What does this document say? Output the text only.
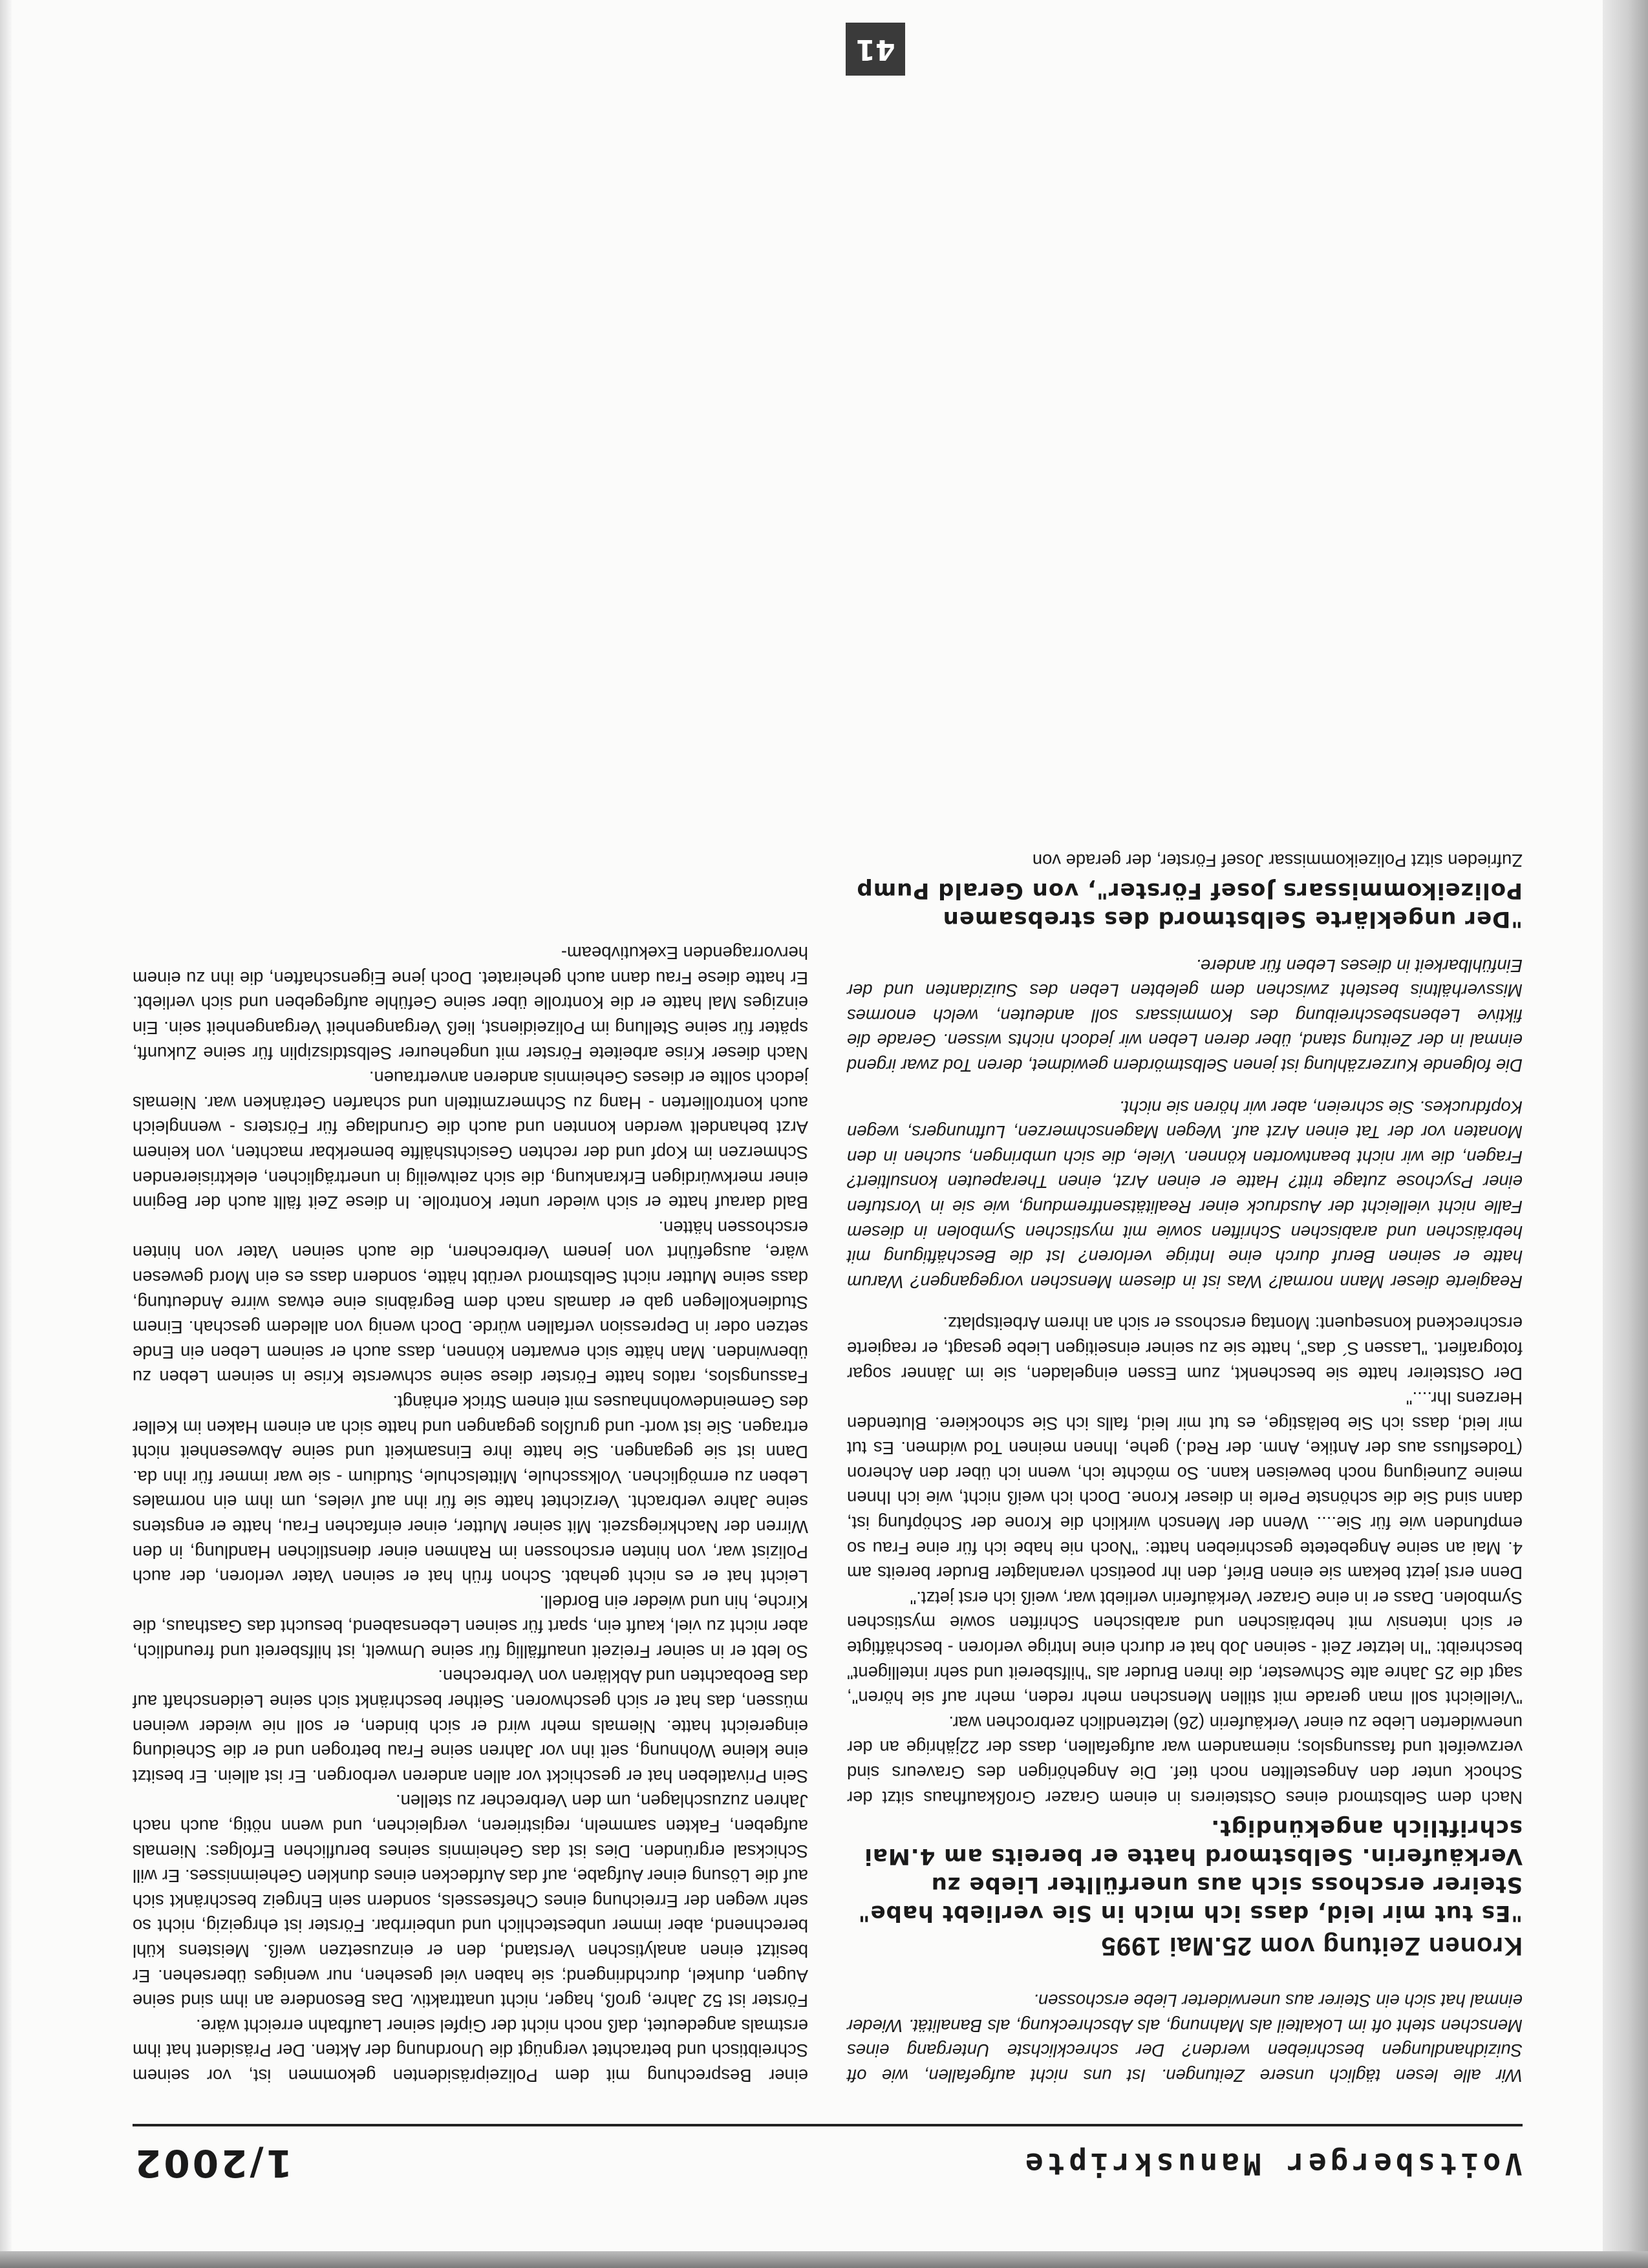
Voitsberger Manuskripte
1/2002

Wir alle lesen täglich unsere Zeitungen. Ist uns nicht aufgefallen, wie oft Suizidhandlungen beschrieben werden? Der schrecklichste Untergang eines Menschen steht oft im Lokalteil als Mahnung, als Abschreckung, als Banalität. Wieder einmal hat sich ein Steirer aus unerwiderter Liebe erschossen.

Kronen Zeitung vom 25.Mai 1995

"Es tut mir leid, dass ich mich in Sie verliebt habe" Steirer erschoss sich aus unerfüllter Liebe zu Verkäuferin. Selbstmord hatte er bereits am 4.Mai schriftlich angekündigt.

Nach dem Selbstmord eines Oststeirers in einem Grazer Großkaufhaus sitzt der Schock unter den Angestellten noch tief. Die Angehörigen des Graveurs sind verzweifelt und fassungslos; niemandem war aufgefallen, dass der 22jährige an der unerwiderten Liebe zu einer Verkäuferin (26) letztendlich zerbrochen war.

"Vielleicht soll man gerade mit stillen Menschen mehr reden, mehr auf sie hören", sagt die 25 Jahre alte Schwester, die ihren Bruder als "hilfsbereit und sehr intelligent" beschreibt: "In letzter Zeit - seinen Job hat er durch eine Intrige verloren - beschäftigte er sich intensiv mit hebräischen und arabischen Schriften sowie mystischen Symbolen. Dass er in eine Grazer Verkäuferin verliebt war, weiß ich erst jetzt."

Denn erst jetzt bekam sie einen Brief, den ihr poetisch veranlagter Bruder bereits am 4. Mai an seine Angebetete geschrieben hatte: "Noch nie habe ich für eine Frau so empfunden wie für Sie.... Wenn der Mensch wirklich die Krone der Schöpfung ist, dann sind Sie die schönste Perle in dieser Krone. Doch ich weiß nicht, wie ich Ihnen meine Zuneigung noch beweisen kann. So möchte ich, wenn ich über den Acheron (Todesfluss aus der Antike, Anm. der Red.) gehe, Ihnen meinen Tod widmen. Es tut mir leid, dass ich Sie belästige, es tut mir leid, falls ich Sie schockiere. Blutenden Herzens Ihr...."

Der Oststeirer hatte sie beschenkt, zum Essen eingeladen, sie im Jänner sogar fotografiert. "Lassen S´ das", hatte sie zu seiner einseitigen Liebe gesagt, er reagierte erschreckend konsequent: Montag erschoss er sich an ihrem Arbeitsplatz.

Reagierte dieser Mann normal? Was ist in diesem Menschen vorgegangen? Warum hatte er seinen Beruf durch eine Intrige verloren? Ist die Beschäftigung mit hebräischen und arabischen Schriften sowie mit mystischen Symbolen in diesem Falle nicht vielleicht der Ausdruck einer Realitätsentfremdung, wie sie in Vorstufen einer Psychose zutage tritt? Hatte er einen Arzt, einen Therapeuten konsultiert? Fragen, die wir nicht beantworten können. Viele, die sich umbringen, suchen in den Monaten vor der Tat einen Arzt auf. Wegen Magenschmerzen, Luftnungers, wegen Kopfdruckes. Sie schreien, aber wir hören sie nicht.

Die folgende Kurzerzählung ist jenen Selbstmördern gewidmet, deren Tod zwar irgend einmal in der Zeitung stand, über deren Leben wir jedoch nichts wissen. Gerade die fiktive Lebensbeschreibung des Kommissars soll andeuten, welch enormes Missverhältnis besteht zwischen dem gelebten Leben des Suizidanten und der Einfühlbarkeit in dieses Leben für andere.

"Der ungeklärte Selbstmord des strebsamen Polizeikommissars Josef Förster", von Gerald Pump

Zufrieden sitzt Polizeikommissar Josef Förster, der gerade von

einer Besprechung mit dem Polizeipräsidenten gekommen ist, vor seinem Schreibtisch und betrachtet vergnügt die Unordnung der Akten. Der Präsident hat ihm erstmals angedeutet, daß noch nicht der Gipfel seiner Laufbahn erreicht wäre.

Förster ist 52 Jahre, groß, hager, nicht unattraktiv. Das Besondere an ihm sind seine Augen, dunkel, durchdringend; sie haben viel gesehen, nur weniges übersehen. Er besitzt einen analytischen Verstand, den er einzusetzen weiß. Meistens kühl berechnend, aber immer unbestechlich und unbeirrbar. Förster ist ehrgeizig, nicht so sehr wegen der Erreichung eines Chefsessels, sondern sein Ehrgeiz beschränkt sich auf die Lösung einer Aufgabe, auf das Aufdecken eines dunklen Geheimnisses. Er will Schicksal ergründen. Dies ist das Geheimnis seines beruflichen Erfolges: Niemals aufgeben, Fakten sammeln, registrieren, vergleichen, und wenn nötig, auch nach Jahren zuzuschlagen, um den Verbrecher zu stellen.

Sein Privatleben hat er geschickt vor allen anderen verborgen. Er ist allein. Er besitzt eine kleine Wohnung, seit ihn vor Jahren seine Frau betrogen und er die Scheidung eingereicht hatte. Niemals mehr wird er sich binden, er soll nie wieder weinen müssen, das hat er sich geschworen. Seither beschränkt sich seine Leidenschaft auf das Beobachten und Abklären von Verbrechen.

So lebt er in seiner Freizeit unauffällig für seine Umwelt, ist hilfsbereit und freundlich, aber nicht zu viel, kauft ein, spart für seinen Lebensabend, besucht das Gasthaus, die Kirche, hin und wieder ein Bordell.

Leicht hat er es nicht gehabt. Schon früh hat er seinen Vater verloren, der auch Polizist war, von hinten erschossen im Rahmen einer dienstlichen Handlung, in den Wirren der Nachkriegszeit. Mit seiner Mutter, einer einfachen Frau, hatte er engstens seine Jahre verbracht. Verzichtet hatte sie für ihn auf vieles, um ihm ein normales Leben zu ermöglichen. Volksschule, Mittelschule, Studium - sie war immer für ihn da. Dann ist sie gegangen. Sie hatte ihre Einsamkeit und seine Abwesenheit nicht ertragen. Sie ist wort- und grußlos gegangen und hatte sich an einem Haken im Keller des Gemeindewohnhauses mit einem Strick erhängt.

Fassungslos, ratlos hatte Förster diese seine schwerste Krise in seinem Leben zu überwinden. Man hätte sich erwarten können, dass auch er seinem Leben ein Ende setzen oder in Depression verfallen würde. Doch wenig von alledem geschah. Einem Studienkollegen gab er damals nach dem Begräbnis eine etwas wirre Andeutung, dass seine Mutter nicht Selbstmord verübt hätte, sondern dass es ein Mord gewesen wäre, ausgeführt von jenem Verbrechern, die auch seinen Vater von hinten erschossen hätten.

Bald darauf hatte er sich wieder unter Kontrolle. In diese Zeit fällt auch der Beginn einer merkwürdigen Erkrankung, die sich zeitweilig in unerträglichen, elektrisierenden Schmerzen im Kopf und der rechten Gesichtshälfte bemerkbar machten, von keinem Arzt behandelt werden konnten und auch die Grundlage für Försters - wenngleich auch kontrollierten - Hang zu Schmerzmitteln und scharfen Getränken war. Niemals jedoch sollte er dieses Geheimnis anderen anvertrauen.

Nach dieser Krise arbeitete Förster mit ungeheurer Selbstdisziplin für seine Zukunft, später für seine Stellung im Polizeidienst, ließ Vergangenheit Vergangenheit sein. Ein einziges Mal hatte er die Kontrolle über seine Gefühle aufgegeben und sich verliebt. Er hatte diese Frau dann auch geheiratet. Doch jene Eigenschaften, die ihn zu einem hervorragenden Exekutivbeam-

41
